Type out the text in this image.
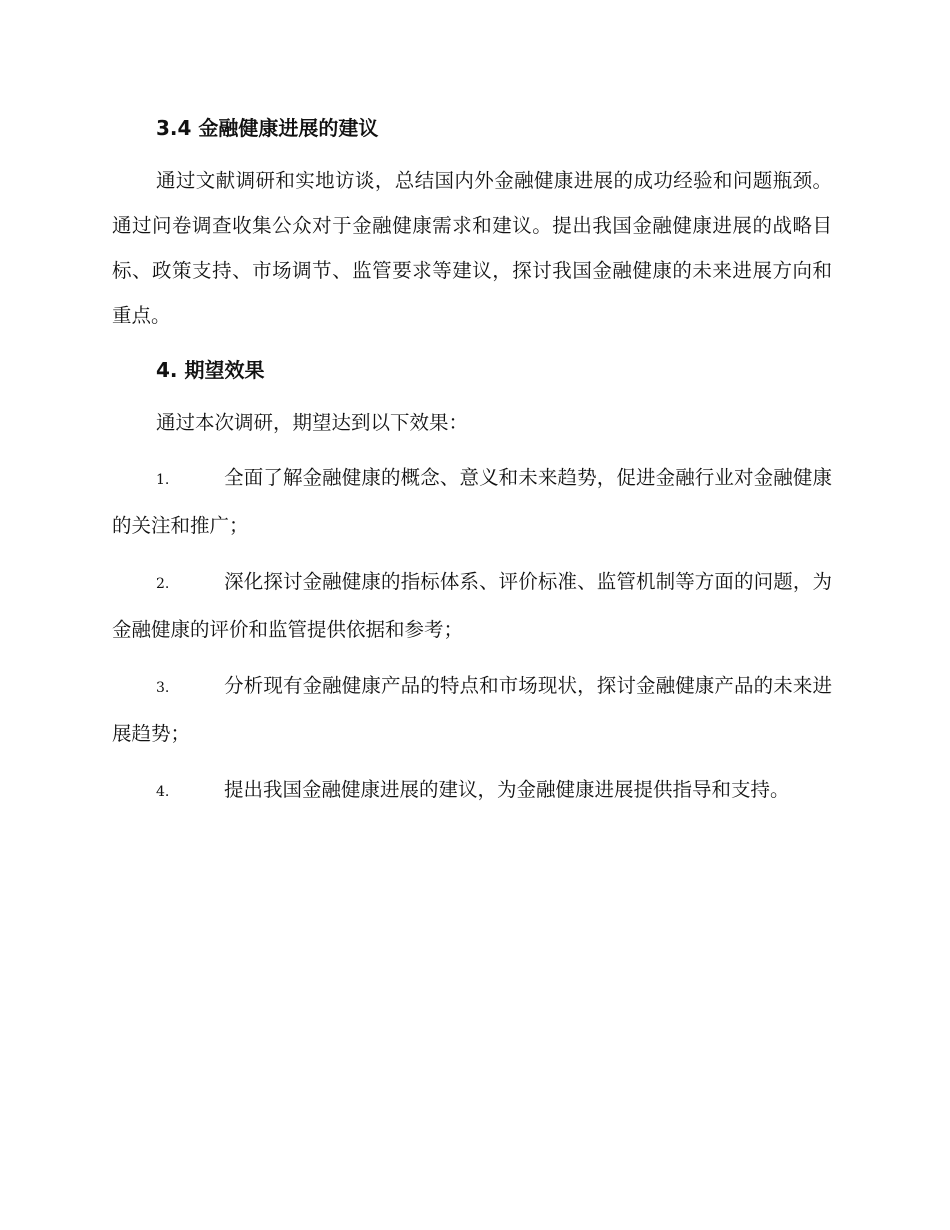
3.4 金融健康进展的建议

通过文献调研和实地访谈，总结国内外金融健康进展的成功经验和问题瓶颈。通过问卷调查收集公众对于金融健康需求和建议。提出我国金融健康进展的战略目标、政策支持、市场调节、监管要求等建议，探讨我国金融健康的未来进展方向和重点。

4. 期望效果

通过本次调研，期望达到以下效果：

1.	全面了解金融健康的概念、意义和未来趋势，促进金融行业对金融健康的关注和推广；

2.	深化探讨金融健康的指标体系、评价标准、监管机制等方面的问题，为金融健康的评价和监管提供依据和参考；

3.	分析现有金融健康产品的特点和市场现状，探讨金融健康产品的未来进展趋势；

4.	提出我国金融健康进展的建议，为金融健康进展提供指导和支持。
